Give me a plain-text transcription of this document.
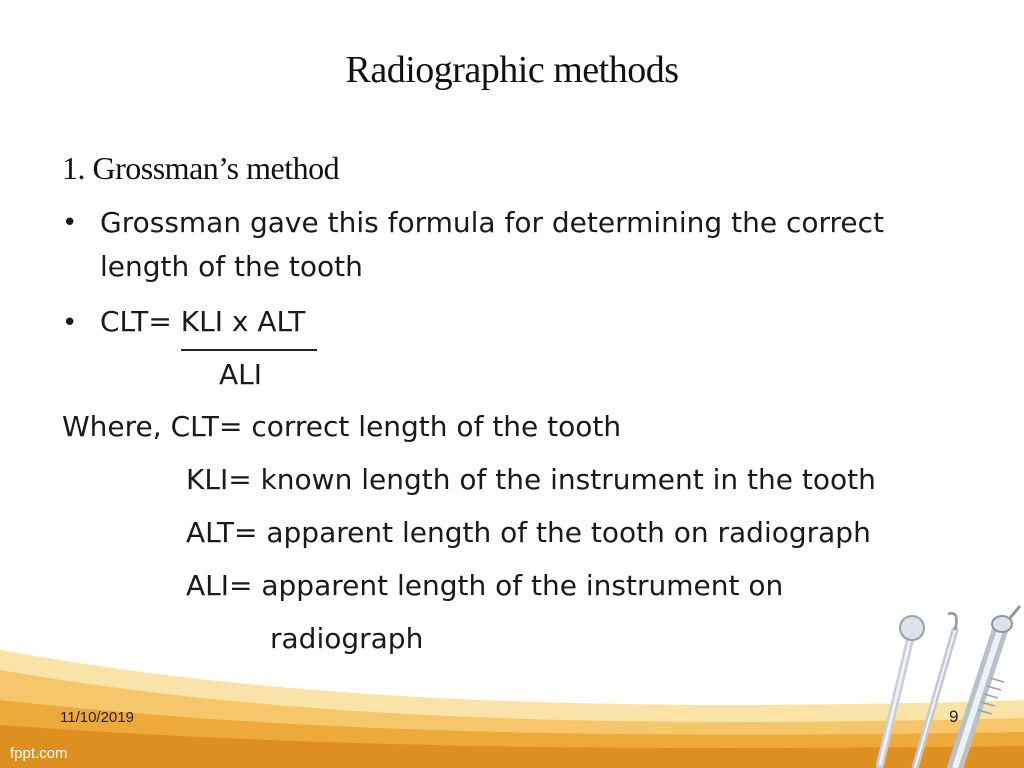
Radiographic methods
1. Grossman’s method
• Grossman gave this formula for determining the correct
length of the tooth
• CLT= KLI x ALT
ALI
Where, CLT= correct length of the tooth
KLI= known length of the instrument in the tooth
ALT= apparent length of the tooth on radiograph
ALI= apparent length of the instrument on
radiograph
11/10/2019	9
fppt.com
